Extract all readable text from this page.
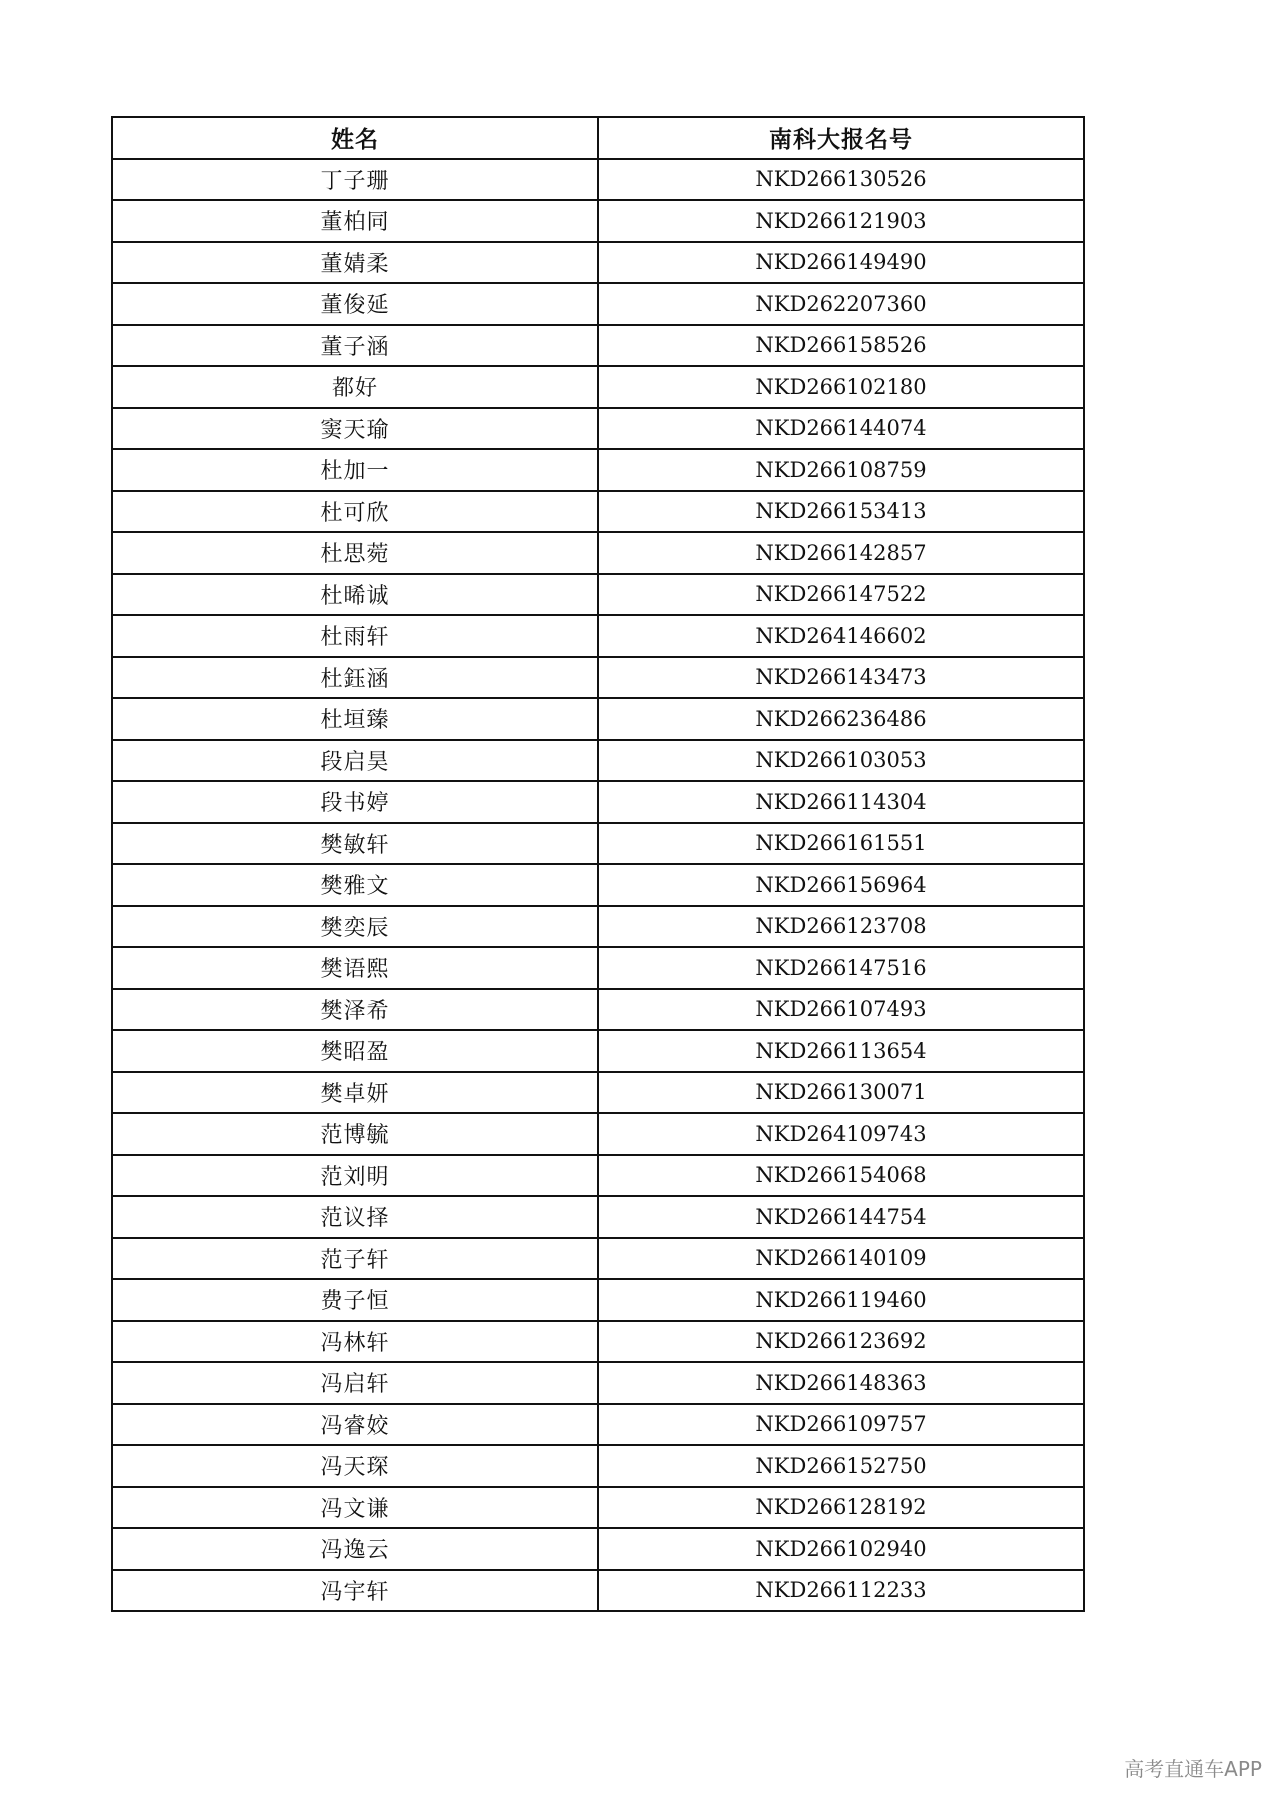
姓名	南科大报名号
丁子珊	NKD266130526
董柏同	NKD266121903
董婧柔	NKD266149490
董俊延	NKD262207360
董子涵	NKD266158526
都好	NKD266102180
窦天瑜	NKD266144074
杜加一	NKD266108759
杜可欣	NKD266153413
杜思菀	NKD266142857
杜晞诚	NKD266147522
杜雨轩	NKD264146602
杜鈺涵	NKD266143473
杜垣臻	NKD266236486
段启昊	NKD266103053
段书婷	NKD266114304
樊敏轩	NKD266161551
樊雅文	NKD266156964
樊奕辰	NKD266123708
樊语熙	NKD266147516
樊泽希	NKD266107493
樊昭盈	NKD266113654
樊卓妍	NKD266130071
范博毓	NKD264109743
范刘明	NKD266154068
范议择	NKD266144754
范子轩	NKD266140109
费子恒	NKD266119460
冯林轩	NKD266123692
冯启轩	NKD266148363
冯睿姣	NKD266109757
冯天琛	NKD266152750
冯文谦	NKD266128192
冯逸云	NKD266102940
冯宇轩	NKD266112233
高考直通车APP
